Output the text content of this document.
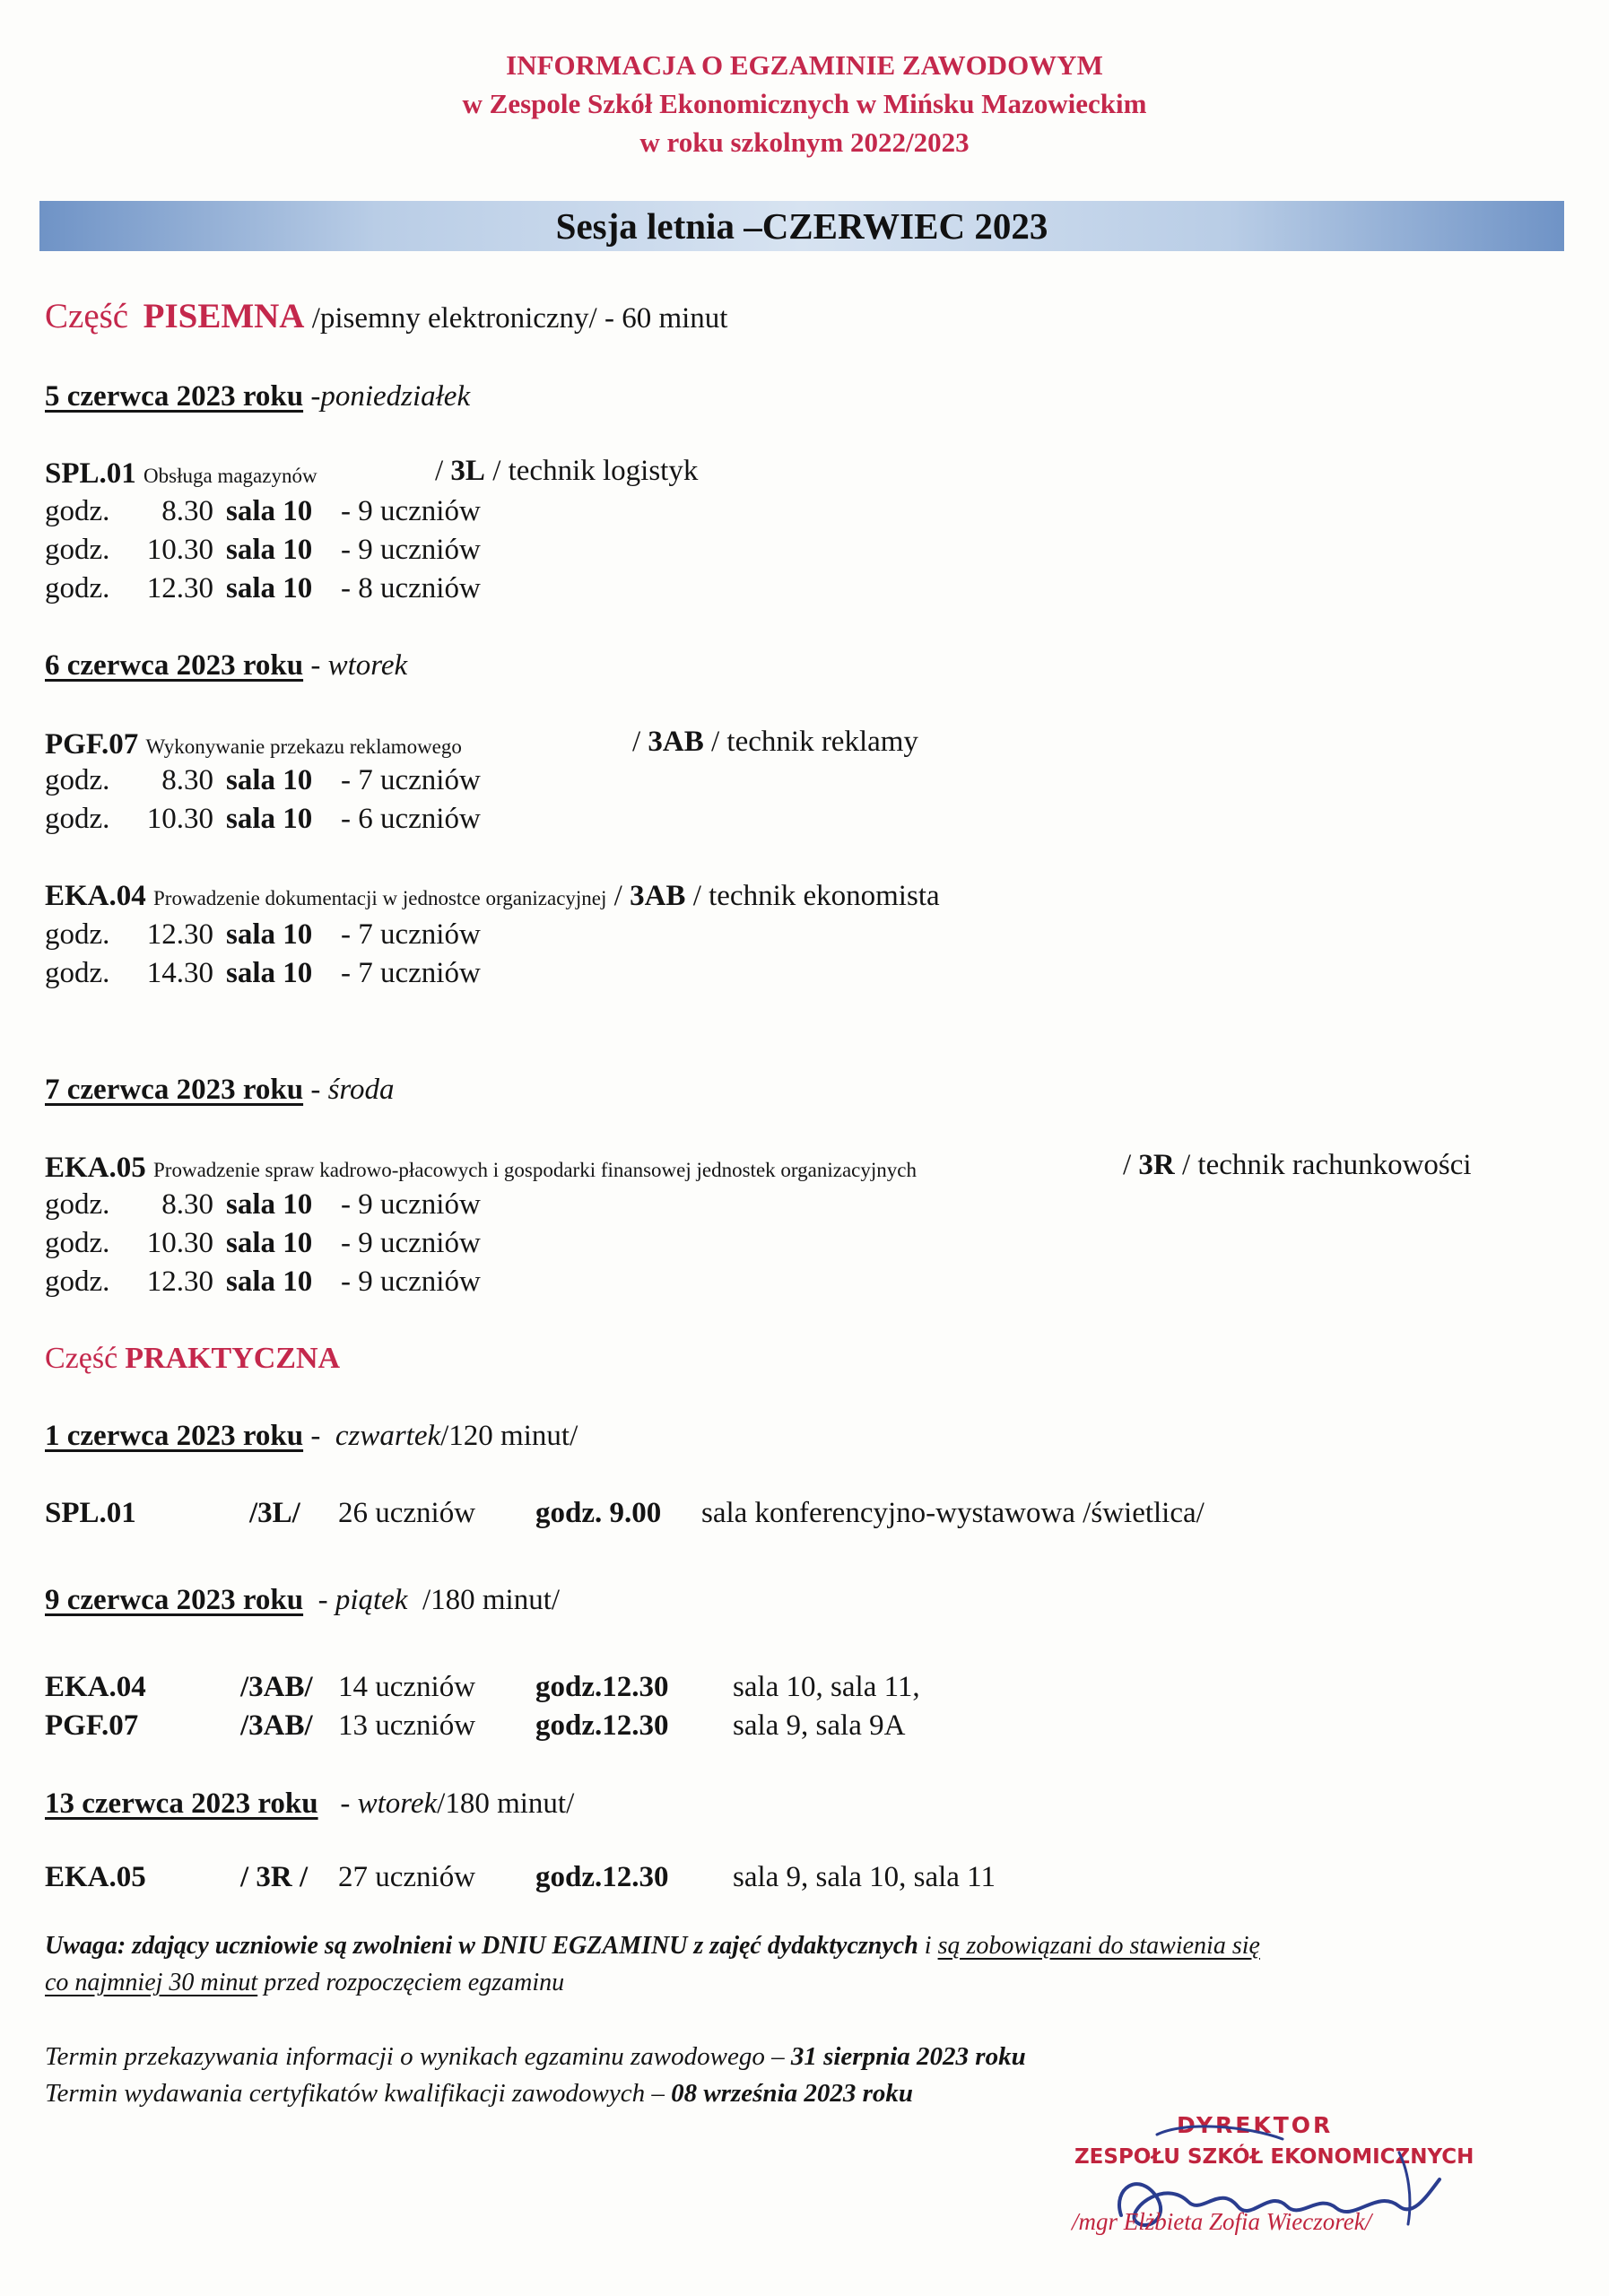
INFORMACJA O EGZAMINIE ZAWODOWYM
w Zespole Szkół Ekonomicznych w Mińsku Mazowieckim
w roku szkolnym 2022/2023
Sesja letnia –CZERWIEC 2023
Część PISEMNA /pisemny elektroniczny/ - 60 minut
5 czerwca 2023 roku -poniedziałek
SPL.01 Obsługa magazynów	/ 3L / technik logistyk
godz. 8.30 sala 10 - 9 uczniów
godz. 10.30 sala 10 - 9 uczniów
godz. 12.30 sala 10 - 8 uczniów
6 czerwca 2023 roku - wtorek
PGF.07 Wykonywanie przekazu reklamowego	/ 3AB / technik reklamy
godz. 8.30 sala 10 - 7 uczniów
godz. 10.30 sala 10 - 6 uczniów
EKA.04 Prowadzenie dokumentacji w jednostce organizacyjnej / 3AB / technik ekonomista
godz. 12.30 sala 10 - 7 uczniów
godz. 14.30 sala 10 - 7 uczniów
7 czerwca 2023 roku - środa
EKA.05 Prowadzenie spraw kadrowo-płacowych i gospodarki finansowej jednostek organizacyjnych	/ 3R / technik rachunkowości
godz. 8.30 sala 10 - 9 uczniów
godz. 10.30 sala 10 - 9 uczniów
godz. 12.30 sala 10 - 9 uczniów
Część PRAKTYCZNA
1 czerwca 2023 roku - czwartek/120 minut/
SPL.01	/3L/ 26 uczniów godz. 9.00 sala konferencyjno-wystawowa /świetlica/
9 czerwca 2023 roku - piątek /180 minut/
EKA.04	/3AB/ 14 uczniów godz.12.30 sala 10, sala 11,
PGF.07	/3AB/ 13 uczniów godz.12.30 sala 9, sala 9A
13 czerwca 2023 roku - wtorek/180 minut/
EKA.05	/ 3R / 27 uczniów godz.12.30 sala 9, sala 10, sala 11
Uwaga: zdający uczniowie są zwolnieni w DNIU EGZAMINU z zajęć dydaktycznych i są zobowiązani do stawienia się
co najmniej 30 minut przed rozpoczęciem egzaminu
Termin przekazywania informacji o wynikach egzaminu zawodowego – 31 sierpnia 2023 roku
Termin wydawania certyfikatów kwalifikacji zawodowych – 08 września 2023 roku
DYREKTOR
ZESPOŁU SZKÓŁ EKONOMICZNYCH
/mgr Elżbieta Zofia Wieczorek/
